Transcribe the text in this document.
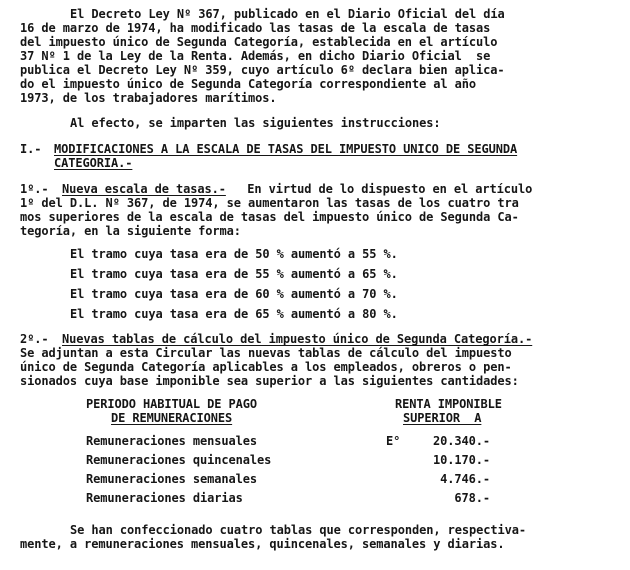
El Decreto Ley Nº 367, publicado en el Diario Oficial del día
16 de marzo de 1974, ha modificado las tasas de la escala de tasas
del impuesto único de Segunda Categoría, establecida en el artículo
37 Nº 1 de la Ley de la Renta. Además, en dicho Diario Oficial  se
publica el Decreto Ley Nº 359, cuyo artículo 6º declara bien aplica-
do el impuesto único de Segunda Categoría correspondiente al año
1973, de los trabajadores marítimos.
Al efecto, se imparten las siguientes instrucciones:
I.- MODIFICACIONES A LA ESCALA DE TASAS DEL IMPUESTO UNICO DE SEGUNDA
CATEGORIA.-
1º.- Nueva escala de tasas.- En virtud de lo dispuesto en el artículo
1º del D.L. Nº 367, de 1974, se aumentaron las tasas de los cuatro tra
mos superiores de la escala de tasas del impuesto único de Segunda Ca-
tegoría, en la siguiente forma:
El tramo cuya tasa era de 50 % aumentó a 55 %.
El tramo cuya tasa era de 55 % aumentó a 65 %.
El tramo cuya tasa era de 60 % aumentó a 70 %.
El tramo cuya tasa era de 65 % aumentó a 80 %.
2º.- Nuevas tablas de cálculo del impuesto único de Segunda Categoría.-
Se adjuntan a esta Circular las nuevas tablas de cálculo del impuesto
único de Segunda Categoría aplicables a los empleados, obreros o pen-
sionados cuya base imponible sea superior a las siguientes cantidades:
PERIODO HABITUAL DE PAGO
DE REMUNERACIONES
RENTA IMPONIBLE
SUPERIOR  A
Remuneraciones mensuales	E°	20.340.-
Remuneraciones quincenales	10.170.-
Remuneraciones semanales	4.746.-
Remuneraciones diarias	678.-
Se han confeccionado cuatro tablas que corresponden, respectiva-
mente, a remuneraciones mensuales, quincenales, semanales y diarias.
